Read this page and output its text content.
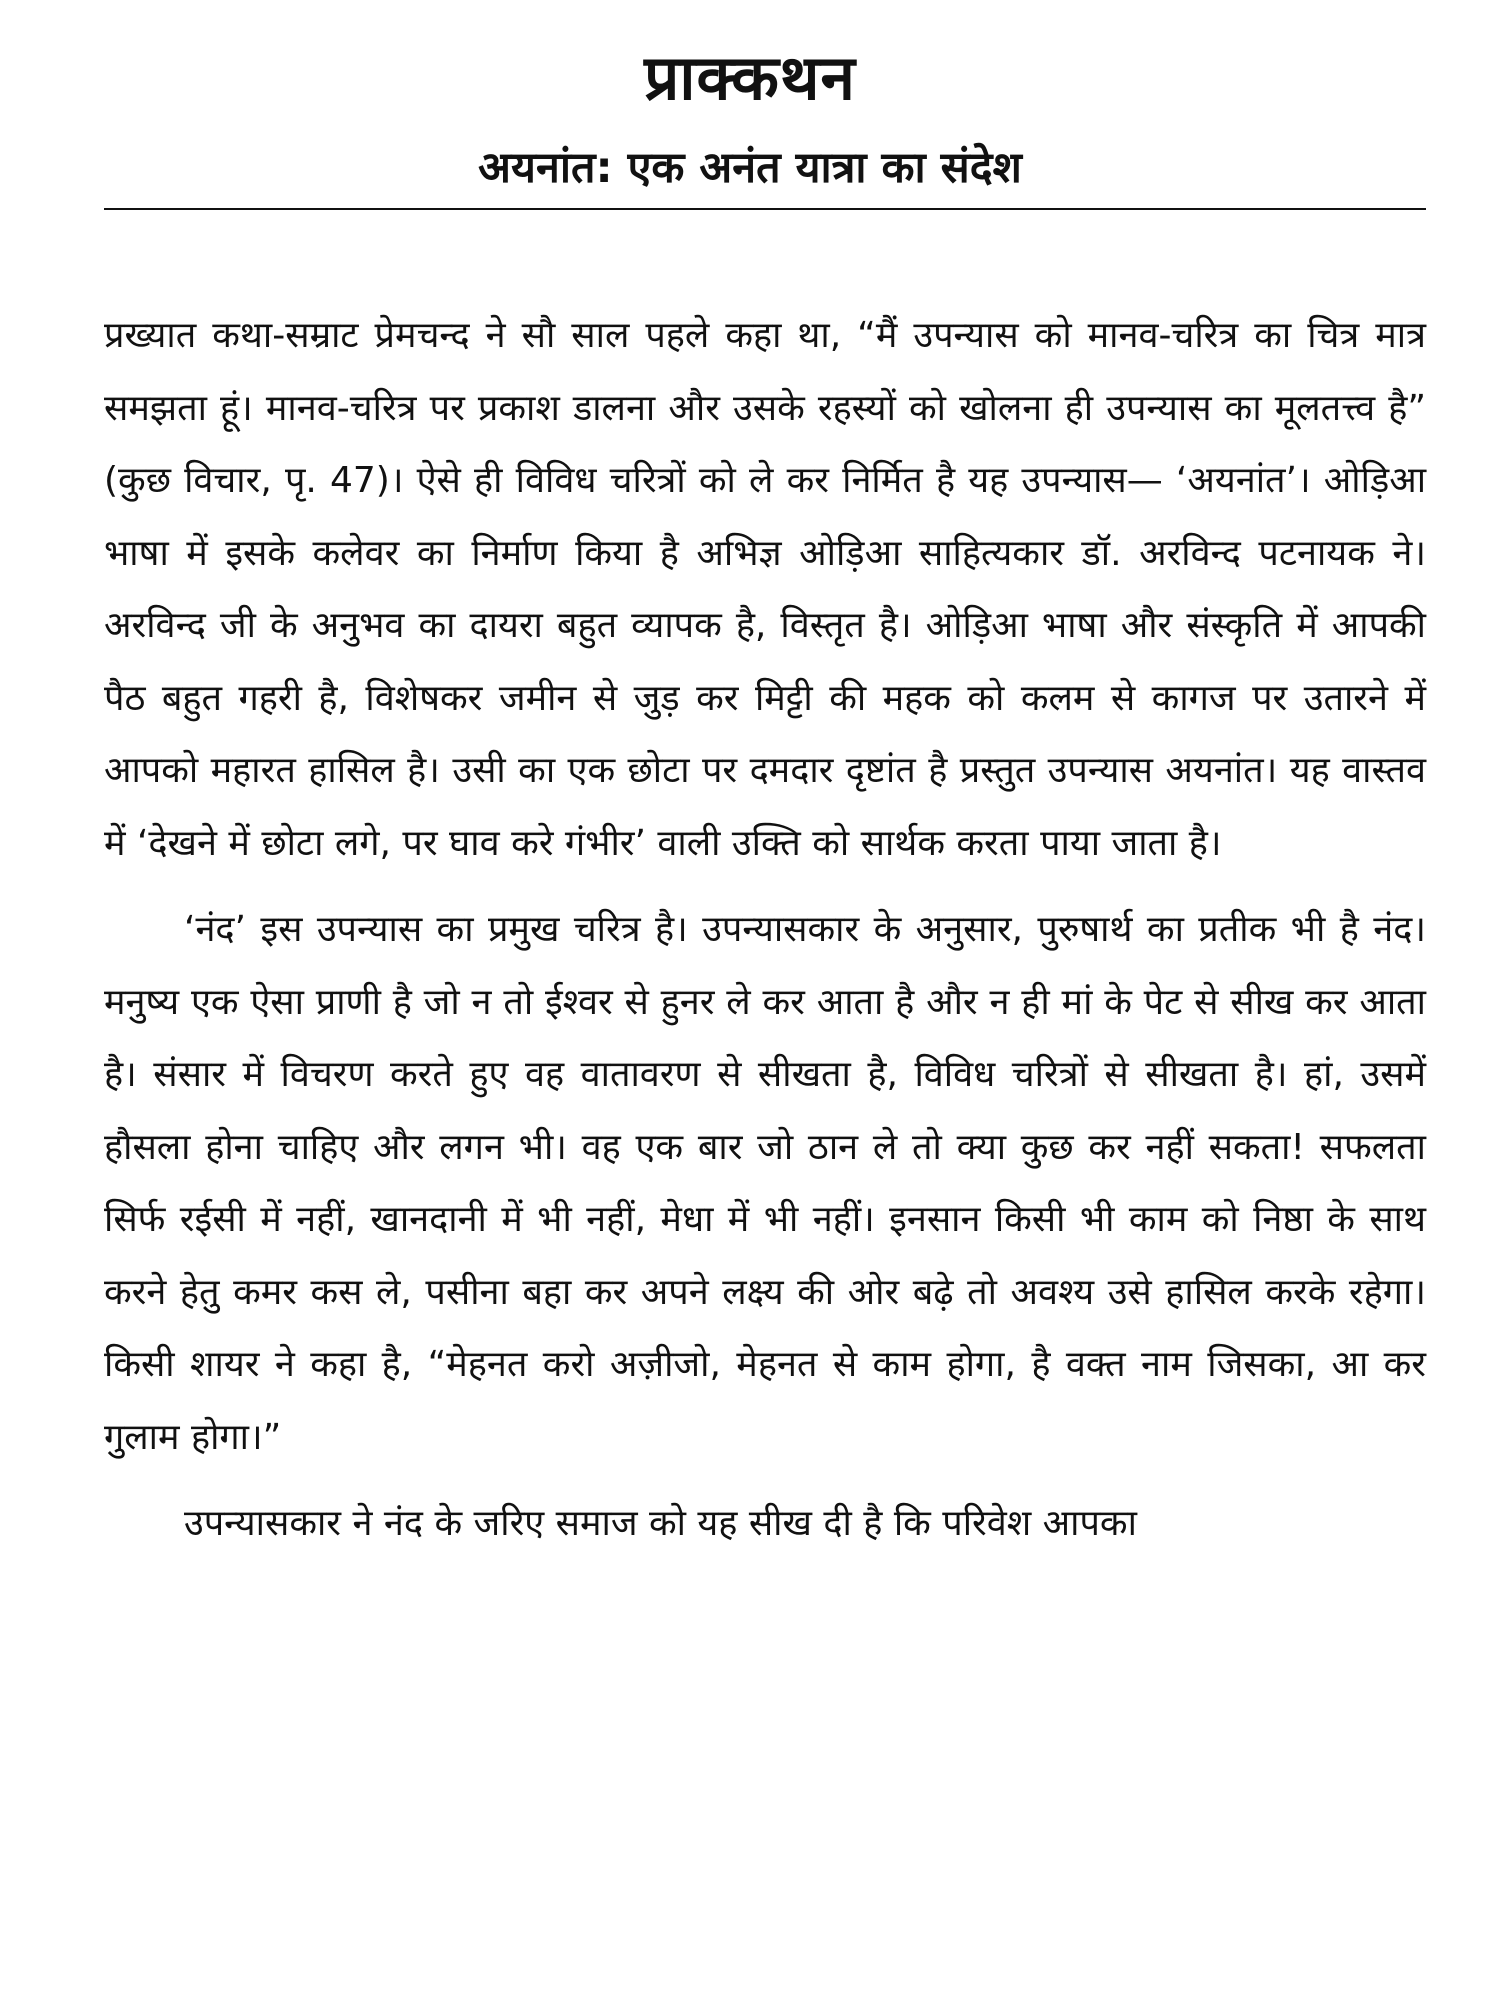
प्राक्कथन
अयनांत: एक अनंत यात्रा का संदेश

प्रख्यात कथा-सम्राट प्रेमचन्द ने सौ साल पहले कहा था, “मैं उपन्यास को मानव-चरित्र का चित्र मात्र समझता हूं। मानव-चरित्र पर प्रकाश डालना और उसके रहस्यों को खोलना ही उपन्यास का मूलतत्त्व है” (कुछ विचार, पृ. 47)। ऐसे ही विविध चरित्रों को ले कर निर्मित है यह उपन्यास— ‘अयनांत’। ओड़िआ भाषा में इसके कलेवर का निर्माण किया है अभिज्ञ ओड़िआ साहित्यकार डॉ. अरविन्द पटनायक ने। अरविन्द जी के अनुभव का दायरा बहुत व्यापक है, विस्तृत है। ओड़िआ भाषा और संस्कृति में आपकी पैठ बहुत गहरी है, विशेषकर जमीन से जुड़ कर मिट्टी की महक को कलम से कागज पर उतारने में आपको महारत हासिल है। उसी का एक छोटा पर दमदार दृष्टांत है प्रस्तुत उपन्यास अयनांत। यह वास्तव में ‘देखने में छोटा लगे, पर घाव करे गंभीर’ वाली उक्ति को सार्थक करता पाया जाता है।

‘नंद’ इस उपन्यास का प्रमुख चरित्र है। उपन्यासकार के अनुसार, पुरुषार्थ का प्रतीक भी है नंद। मनुष्य एक ऐसा प्राणी है जो न तो ईश्वर से हुनर ले कर आता है और न ही मां के पेट से सीख कर आता है। संसार में विचरण करते हुए वह वातावरण से सीखता है, विविध चरित्रों से सीखता है। हां, उसमें हौसला होना चाहिए और लगन भी। वह एक बार जो ठान ले तो क्या कुछ कर नहीं सकता! सफलता सिर्फ रईसी में नहीं, खानदानी में भी नहीं, मेधा में भी नहीं। इनसान किसी भी काम को निष्ठा के साथ करने हेतु कमर कस ले, पसीना बहा कर अपने लक्ष्य की ओर बढ़े तो अवश्य उसे हासिल करके रहेगा। किसी शायर ने कहा है, “मेहनत करो अज़ीजो, मेहनत से काम होगा, है वक्त नाम जिसका, आ कर गुलाम होगा।”

उपन्यासकार ने नंद के जरिए समाज को यह सीख दी है कि परिवेश आपका
